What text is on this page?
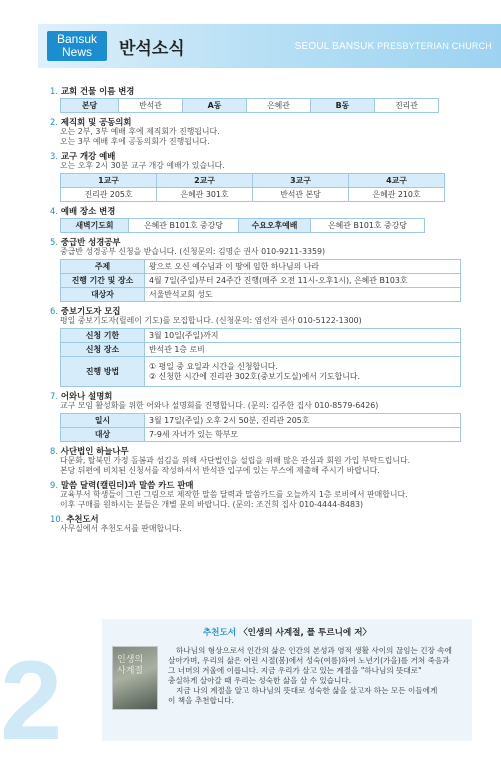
2
Bansuk
News	반석소식	SEOUL BANSUK PRESBYTERIAN CHURCH
1. 교회 건물 이름 변경
본당	반석관	A동	은혜관	B동	진리관
2. 제직회 및 공동의회
오는 2부, 3부 예배 후에 제직회가 진행됩니다.
오는 3부 예배 후에 공동의회가 진행됩니다.
3. 교구 개강 예배
오는 오후 2시 30분 교구 개강 예배가 있습니다.
1교구	2교구	3교구	4교구
진리관 205호	은혜관 301호	반석관 본당	은혜관 210호
4. 예배 장소 변경
새벽기도회	은혜관 B101호 중강당	수요오후예배	은혜관 B101호 중강당
5. 중급반 성경공부
중급반 성경공부 신청을 받습니다. (신청문의: 김명순 권사 010-9211-3359)
주제	왕으로 오신 예수님과 이 땅에 임한 하나님의 나라
진행 기간 및 장소	4월 7일(주일)부터 24주간 진행(매주 오전 11시-오후1시), 은혜관 B103호
대상자	서울반석교회 성도
6. 중보기도자 모집
평일 중보기도자(릴레이 기도)를 모집합니다. (신청문의: 염선자 권사 010-5122-1300)
신청 기한	3월 10일(주일)까지
신청 장소	반석관 1층 로비
진행 방법	① 평일 중 요일과 시간을 신청합니다.
② 신청한 시간에 진리관 302호(중보기도실)에서 기도합니다.
7. 어와나 설명회
교구 모임 활성화를 위한 어와나 설명회를 진행합니다. (문의: 김주한 집사 010-8579-6426)
일시	3월 17일(주일) 오후 2시 50분, 진리관 205호
대상	7-9세 자녀가 있는 학부모
8. 사단법인 하늘나무
다문화, 탈북민 가정 돌봄과 섬김을 위해 사단법인을 설립을 위해 많은 관심과 회원 가입 부탁드립니다.
본당 뒤편에 비치된 신청서를 작성하셔서 반석관 입구에 있는 부스에 제출해 주시기 바랍니다.
9. 말씀 달력(캘린더)과 말씀 카드 판매
교육부서 학생들이 그린 그림으로 제작한 말씀 달력과 말씀카드를 오늘까지 1층 로비에서 판매합니다.
이후 구매를 원하시는 분들은 개별 문의 바랍니다. (문의: 조건희 집사 010-4444-8483)
10. 추천도서
사무실에서 추천도서를 판매합니다.
추천도서 〈인생의 사계절, 폴 투르니에 저〉
인생의 사계절
하나님의 형상으로서 인간의 삶은 인간의 본성과 영적 생활 사이의 끊임는 긴장 속에
살아가며, 우리의 삶은 어린 시절(봄)에서 성숙(여름)하여 노년기(가을)를 거쳐 죽음과
그 너머의 겨울에 이릅니다. 지금 우리가 살고 있는 계절을 "하나님의 뜻대로"
충실하게 살아갈 때 우리는 성숙한 삶을 살 수 있습니다.
지금 나의 계절을 알고 하나님의 뜻대로 성숙한 삶을 살고자 하는 모든 이들에게
이 책을 추천합니다.
